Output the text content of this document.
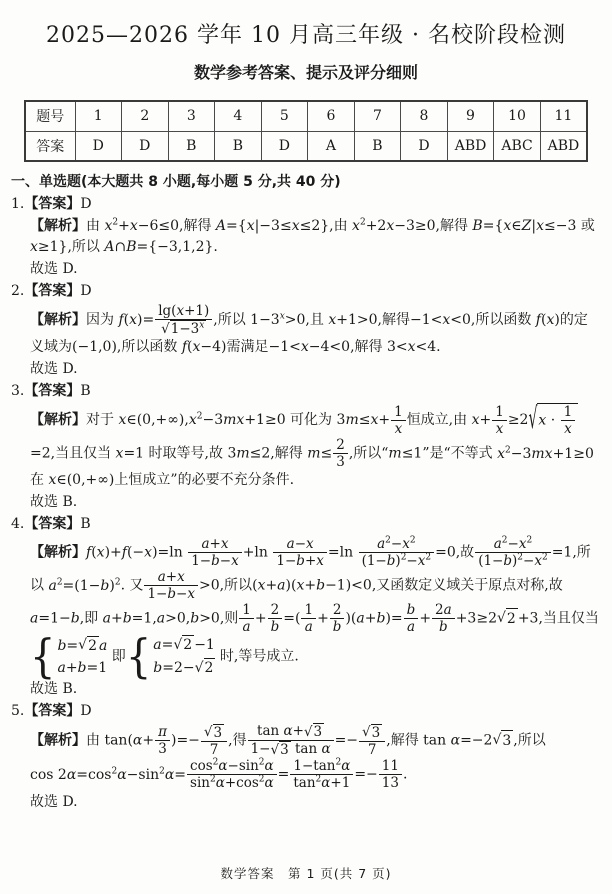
2025—2026 学年 10 月高三年级 · 名校阶段检测
数学参考答案、提示及评分细则
题号	1	2	3	4	5	6	7	8	9	10	11
答案	D	D	B	B	D	A	B	D	ABD	ABC	ABD
一、单选题(本大题共 8 小题,每小题 5 分,共 40 分)
1.【答案】D
【解析】由 $x^2+x-6\le 0$,解得 A={x|−3≤x≤2},由 $x^2+2x-3\ge 0$,解得 B={x∈Z|x≤−3 或 x≥1},所以 A∩B={−3,1,2}.
故选 D.
2.【答案】D
【解析】因为 $f(x)= \frac{\lg(x+1)}{√1-3^x}$ ,所以 $1-3^x>0$,且 x+1>0,解得−1<x<0,所以函数 f(x)的定义域为(−1,0),所以函数 f(x−4)需满足−1<x−4<0,解得 3<x<4.
故选 D.
3.【答案】B
【解析】对于 $x\in(0,+\infty),x^2-3mx+1\ge 0$ 可化为 $3m\le x+ \frac{1}{x}$ 恒成立,由 $x+ \frac{1}{x} \ge 2√x \cdot \frac{1}{x}$
=2,当且仅当 x=1 时取等号,故 3m≤2,解得 $m\le \frac{2}{3}$ ,所以“m≤1”是“不等式 $x^2-3mx+1\ge 0$ 在 x∈(0,+∞)上恒成立”的必要不充分条件.
故选 B.
4.【答案】B
【解析】$f(x)+f(-x)=\ln \frac{a+x}{1-b-x} +\ln \frac{a-x}{1-b+x} =\ln \frac{a^2-x^2}{(1-b)^2-x^2} =0$,故 $\frac{a^2-x^2}{(1-b)^2-x^2} =1$,所以 $a^2=(1-b)^2$. 又 $\frac{a+x}{1-b-x} >0$,所以(x+a)(x+b−1)<0,又函数定义域关于原点对称,故 a=1−b,即 a+b=1,a>0,b>0,则 $\frac{1}{a} + \frac{2}{b}$ =( $\frac{1}{a} + \frac{2}{b} )(a+b)= \frac{b}{a} + \frac{2a}{b} +3\ge 2√2 +3$,当且仅当
{ b=√2 a
a+b=1
即 { a=√2 −1
b=2−√2
时,等号成立.
故选 B.
5.【答案】D
【解析】由 $\tan(\alpha+ \frac{\pi}{3}$ )=− $\frac{√3}{7}$ ,得 $\frac{\text{tan α+√3}}{\text{1−√3 tan α}} =- \frac{√3}{7}$ ,解得 tan α=−2√3 ,所以 $\cos 2\alpha=\cos^2\alpha-\sin^2\alpha= \frac{\cos^2\alpha-\sin^2\alpha}{\sin^2\alpha+\cos^2\alpha} = \frac{1-\tan^2\alpha}{\tan^2\alpha+1} =- \frac{11}{13}$ .
故选 D.
数学答案　第 1 页(共 7 页)
